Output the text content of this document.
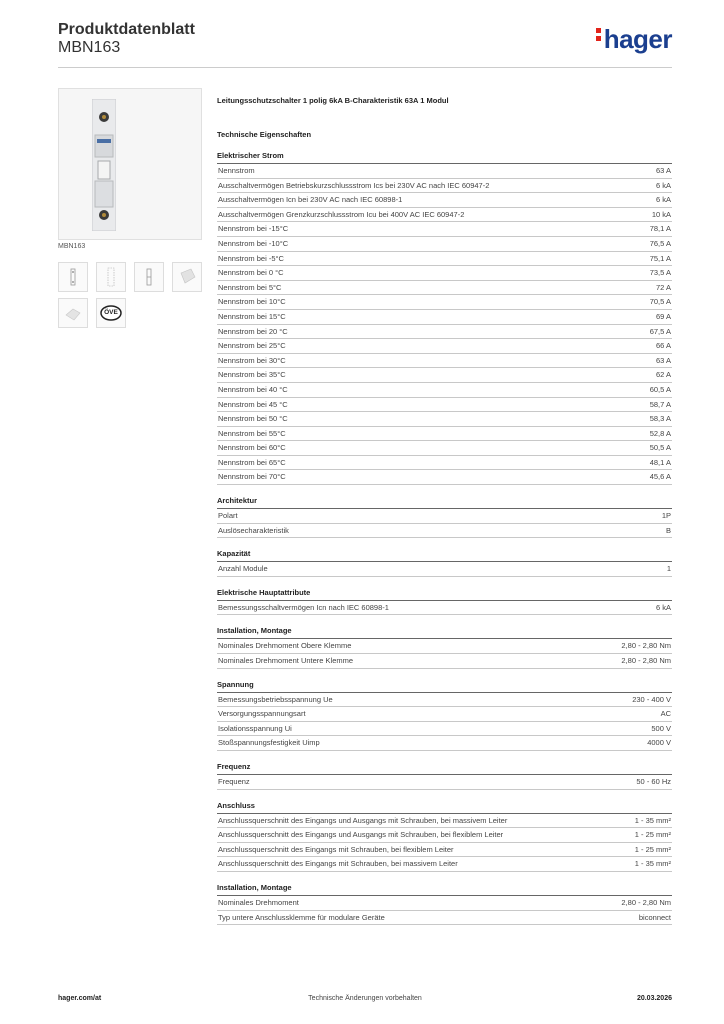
Produktdatenblatt
MBN163	hager
MBN163
ÖVE
Leitungsschutzschalter 1 polig 6kA B-Charakteristik 63A 1 Modul
Technische Eigenschaften
Elektrischer Strom
Nennstrom	63 A
Ausschaltvermögen Betriebskurzschlussstrom Ics bei 230V AC nach IEC 60947-2	6 kA
Ausschaltvermögen Icn bei 230V AC nach IEC 60898-1	6 kA
Ausschaltvermögen Grenzkurzschlussstrom Icu bei 400V AC IEC 60947-2	10 kA
Nennstrom bei -15°C	78,1 A
Nennstrom bei -10°C	76,5 A
Nennstrom bei -5°C	75,1 A
Nennstrom bei 0 °C	73,5 A
Nennstrom bei 5°C	72 A
Nennstrom bei 10°C	70,5 A
Nennstrom bei 15°C	69 A
Nennstrom bei 20 °C	67,5 A
Nennstrom bei 25°C	66 A
Nennstrom bei 30°C	63 A
Nennstrom bei 35°C	62 A
Nennstrom bei 40 °C	60,5 A
Nennstrom bei 45 °C	58,7 A
Nennstrom bei 50 °C	58,3 A
Nennstrom bei 55°C	52,8 A
Nennstrom bei 60°C	50,5 A
Nennstrom bei 65°C	48,1 A
Nennstrom bei 70°C	45,6 A
Architektur
Polart	1P
Auslösecharakteristik	B
Kapazität
Anzahl Module	1
Elektrische Hauptattribute
Bemessungsschaltvermögen Icn nach IEC 60898-1	6 kA
Installation, Montage
Nominales Drehmoment Obere Klemme	2,80 - 2,80 Nm
Nominales Drehmoment Untere Klemme	2,80 - 2,80 Nm
Spannung
Bemessungsbetriebsspannung Ue	230 - 400 V
Versorgungsspannungsart	AC
Isolationsspannung Ui	500 V
Stoßspannungsfestigkeit Uimp	4000 V
Frequenz
Frequenz	50 - 60 Hz
Anschluss
Anschlussquerschnitt des Eingangs und Ausgangs mit Schrauben, bei massivem Leiter	1 - 35 mm²
Anschlussquerschnitt des Eingangs und Ausgangs mit Schrauben, bei flexiblem Leiter	1 - 25 mm²
Anschlussquerschnitt des Eingangs mit Schrauben, bei flexiblem Leiter	1 - 25 mm²
Anschlussquerschnitt des Eingangs mit Schrauben, bei massivem Leiter	1 - 35 mm²
Installation, Montage
Nominales Drehmoment	2,80 - 2,80 Nm
Typ untere Anschlussklemme für modulare Geräte	biconnect
Technische Änderungen vorbehalten
hager.com/at	20.03.2026
